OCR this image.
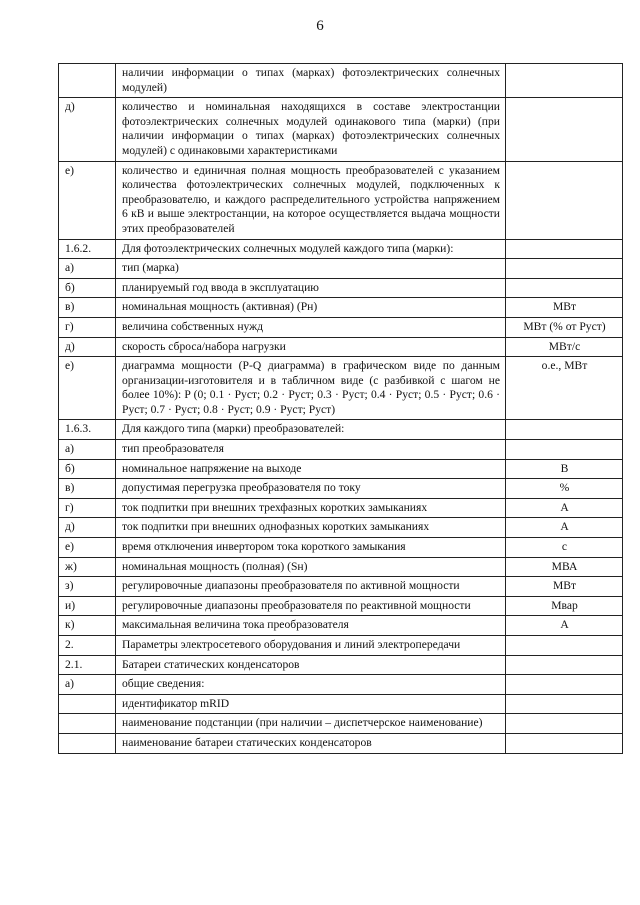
6
	наличии информации о типах (марках) фотоэлектрических солнечных модулей)	
д)	количество и номинальная находящихся в составе электростанции фотоэлектрических солнечных модулей одинакового типа (марки) (при наличии информации о типах (марках) фотоэлектрических солнечных модулей) с одинаковыми характеристиками	
е)	количество и единичная полная мощность преобразователей с указанием количества фотоэлектрических солнечных модулей, подключенных к преобразователю, и каждого распределительного устройства напряжением 6 кВ и выше электростанции, на которое осуществляется выдача мощности этих преобразователей	
1.6.2.	Для фотоэлектрических солнечных модулей каждого типа (марки):	
а)	тип (марка)	
б)	планируемый год ввода в эксплуатацию	
в)	номинальная мощность (активная) (Pн)	МВт
г)	величина собственных нужд	МВт (% от Pуст)
д)	скорость сброса/набора нагрузки	МВт/с
е)	диаграмма мощности (P-Q диаграмма) в графическом виде по данным организации-изготовителя и в табличном виде (с разбивкой с шагом не более 10%): P (0; 0.1 · Pуст; 0.2 · Pуст; 0.3 · Pуст; 0.4 · Pуст; 0.5 · Pуст; 0.6 · Pуст; 0.7 · Pуст; 0.8 · Pуст; 0.9 · Pуст; Pуст)	о.е., МВт
1.6.3.	Для каждого типа (марки) преобразователей:	
а)	тип преобразователя	
б)	номинальное напряжение на выходе	В
в)	допустимая перегрузка преобразователя по току	%
г)	ток подпитки при внешних трехфазных коротких замыканиях	А
д)	ток подпитки при внешних однофазных коротких замыканиях	А
е)	время отключения инвертором тока короткого замыкания	с
ж)	номинальная мощность (полная) (Sн)	МВА
з)	регулировочные диапазоны преобразователя по активной мощности	МВт
и)	регулировочные диапазоны преобразователя по реактивной мощности	Мвар
к)	максимальная величина тока преобразователя	А
2.	Параметры электросетевого оборудования и линий электропередачи	
2.1.	Батареи статических конденсаторов	
а)	общие сведения:	
	идентификатор mRID	
	наименование подстанции (при наличии – диспетчерское наименование)	
	наименование батареи статических конденсаторов	
